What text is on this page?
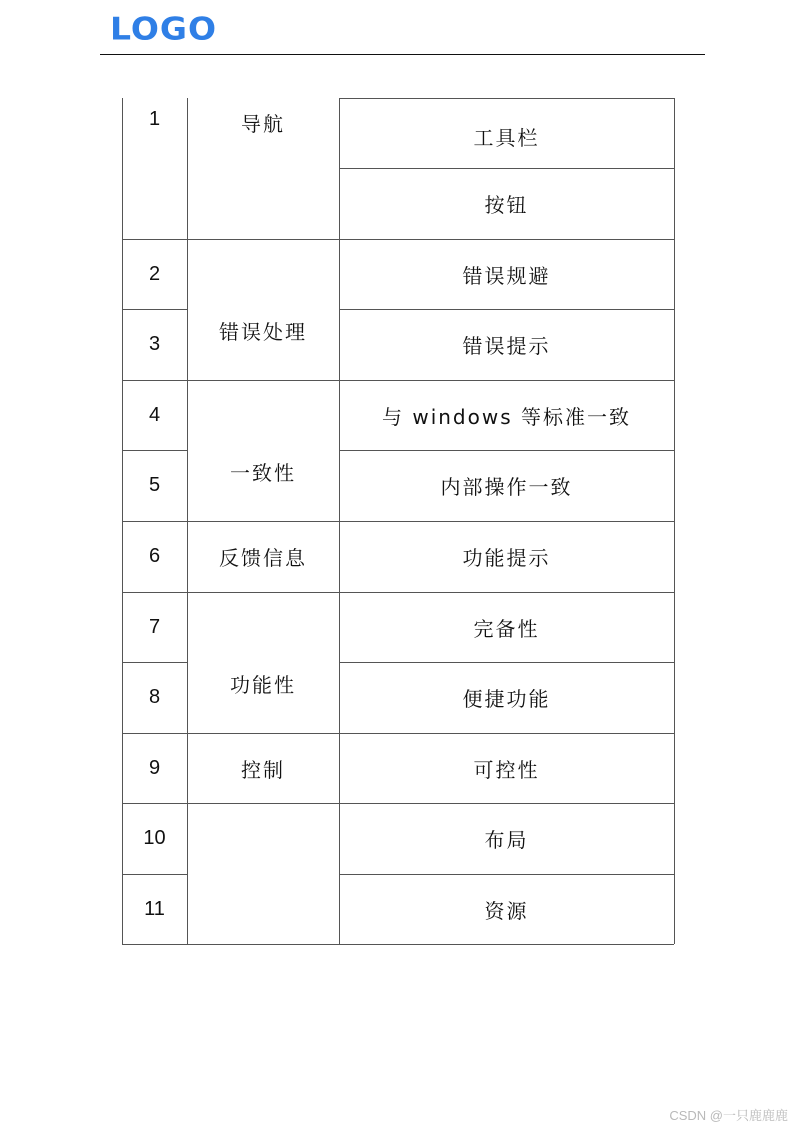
LOGO
1
2
3
4
5
6
7
8
9
10
11
导航
错误处理
一致性
反馈信息
功能性
控制
工具栏
按钮
错误规避
错误提示
与 windows 等标准一致
内部操作一致
功能提示
完备性
便捷功能
可控性
布局
资源
CSDN @一只鹿鹿鹿
